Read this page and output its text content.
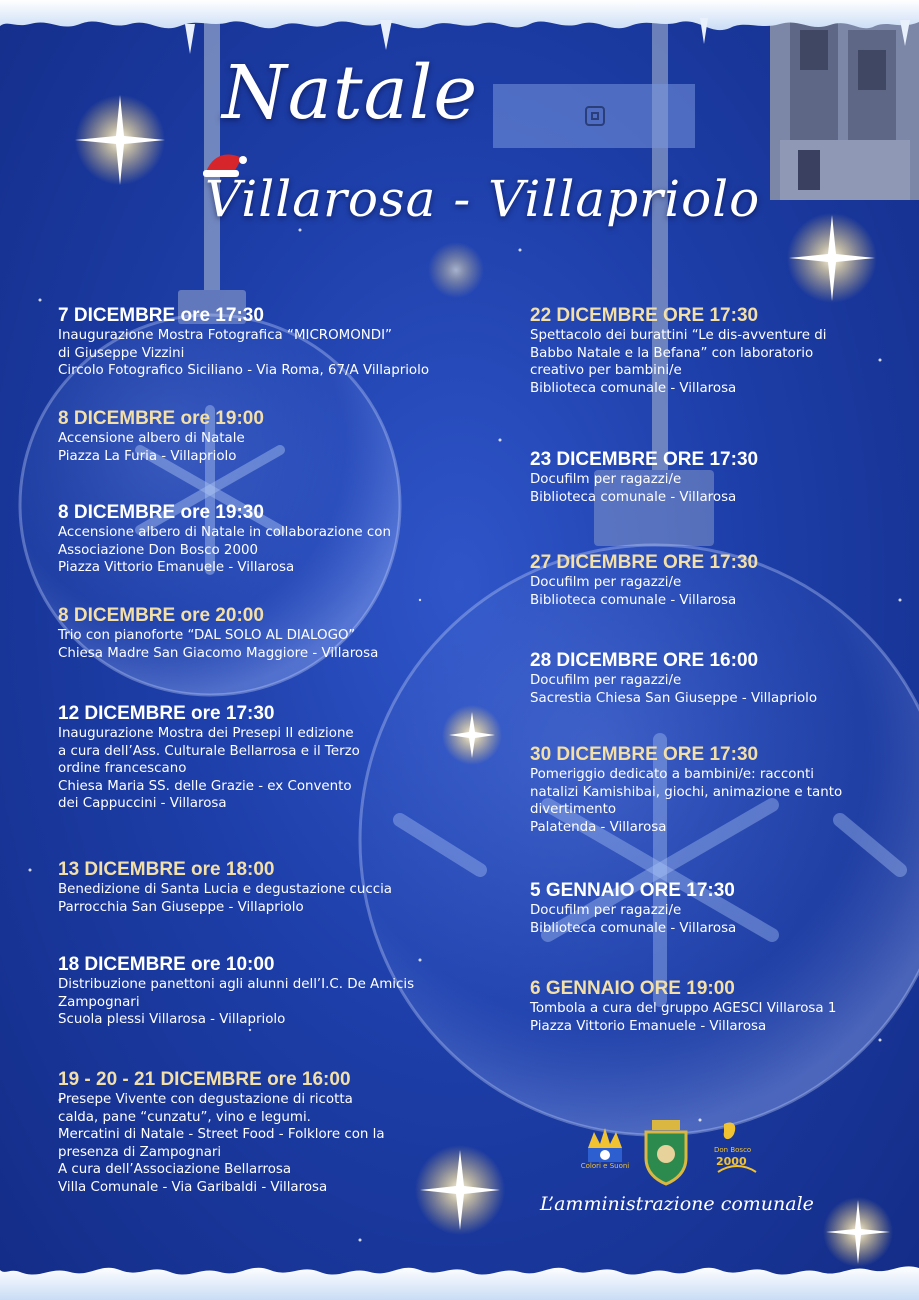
Natale
Villarosa - Villapriolo
7 DICEMBRE ore 17:30
Inaugurazione Mostra Fotografica “MICROMONDI”
di Giuseppe Vizzini
Circolo Fotografico Siciliano - Via Roma, 67/A Villapriolo
8 DICEMBRE ore 19:00
Accensione albero di Natale
Piazza La Furia - Villapriolo
8 DICEMBRE ore 19:30
Accensione albero di Natale in collaborazione con
Associazione Don Bosco 2000
Piazza Vittorio Emanuele - Villarosa
8 DICEMBRE ore 20:00
Trio con pianoforte “DAL SOLO AL DIALOGO”
Chiesa Madre San Giacomo Maggiore - Villarosa
12 DICEMBRE ore 17:30
Inaugurazione Mostra dei Presepi II edizione
a cura dell’Ass. Culturale Bellarrosa e il Terzo
ordine francescano
Chiesa Maria SS. delle Grazie - ex Convento
dei Cappuccini - Villarosa
13 DICEMBRE ore 18:00
Benedizione di Santa Lucia e degustazione cuccia
Parrocchia San Giuseppe - Villapriolo
18 DICEMBRE ore 10:00
Distribuzione panettoni agli alunni dell’I.C. De Amicis
Zampognari
Scuola plessi Villarosa - Villapriolo
19 - 20 - 21 DICEMBRE ore 16:00
Presepe Vivente con degustazione di ricotta
calda, pane “cunzatu”, vino e legumi.
Mercatini di Natale - Street Food - Folklore con la
presenza di Zampognari
A cura dell’Associazione Bellarrosa
Villa Comunale - Via Garibaldi - Villarosa
22 DICEMBRE ORE 17:30
Spettacolo dei burattini “Le dis-avventure di
Babbo Natale e la Befana” con laboratorio
creativo per bambini/e
Biblioteca comunale - Villarosa
23 DICEMBRE ORE 17:30
Docufilm per ragazzi/e
Biblioteca comunale - Villarosa
27 DICEMBRE ORE 17:30
Docufilm per ragazzi/e
Biblioteca comunale - Villarosa
28 DICEMBRE ORE 16:00
Docufilm per ragazzi/e
Sacrestia Chiesa San Giuseppe - Villapriolo
30 DICEMBRE ORE 17:30
Pomeriggio dedicato a bambini/e: racconti
natalizi Kamishibai, giochi, animazione e tanto
divertimento
Palatenda - Villarosa
5 GENNAIO ORE 17:30
Docufilm per ragazzi/e
Biblioteca comunale - Villarosa
6 GENNAIO ORE 19:00
Tombola a cura del gruppo AGESCI Villarosa 1
Piazza Vittorio Emanuele - Villarosa
Colori e Suoni
Don Bosco
2000
L’amministrazione comunale
